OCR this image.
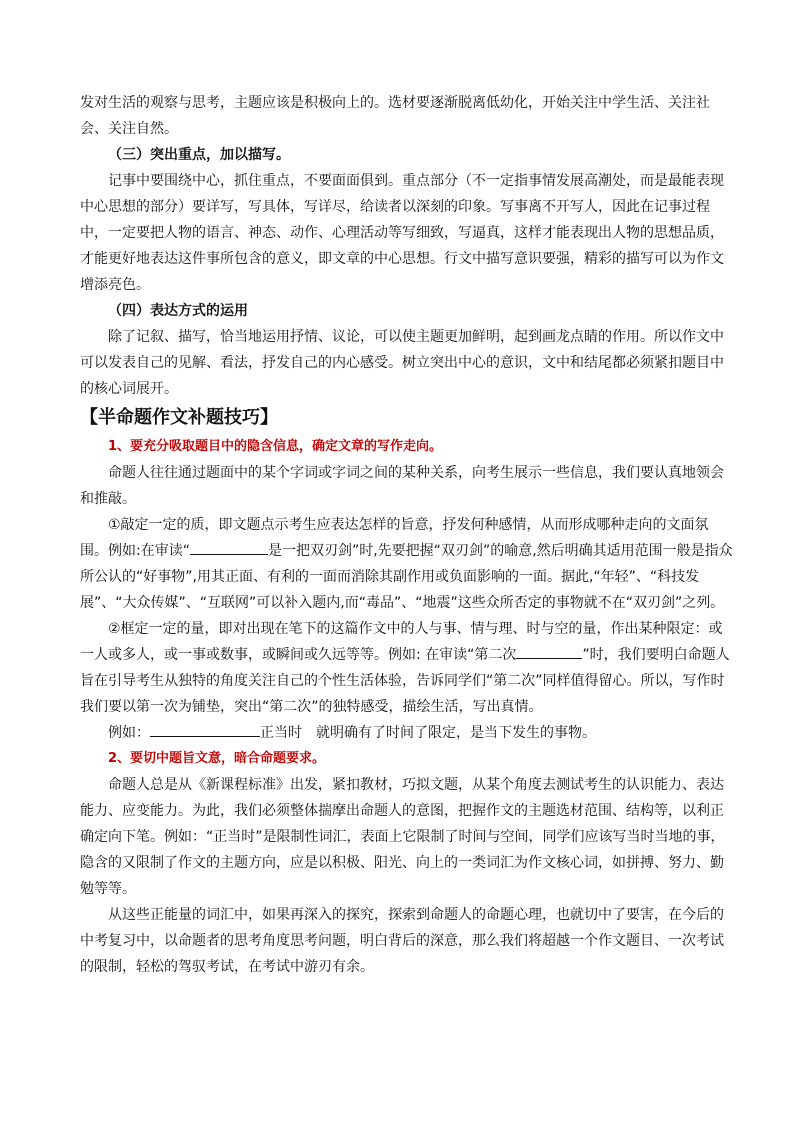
发对生活的观察与思考，主题应该是积极向上的。选材要逐渐脱离低幼化，开始关注中学生活、关注社会、关注自然。

（三）突出重点，加以描写。

记事中要围绕中心，抓住重点，不要面面俱到。重点部分（不一定指事情发展高潮处，而是最能表现中心思想的部分）要详写，写具体，写详尽，给读者以深刻的印象。写事离不开写人，因此在记事过程中，一定要把人物的语言、神态、动作、心理活动等写细致，写逼真，这样才能表现出人物的思想品质，才能更好地表达这件事所包含的意义，即文章的中心思想。行文中描写意识要强，精彩的描写可以为作文增添亮色。

（四）表达方式的运用

除了记叙、描写，恰当地运用抒情、议论，可以使主题更加鲜明，起到画龙点睛的作用。所以作文中可以发表自己的见解、看法，抒发自己的内心感受。树立突出中心的意识，文中和结尾都必须紧扣题目中的核心词展开。

【半命题作文补题技巧】

1、要充分吸取题目中的隐含信息，确定文章的写作走向。

命题人往往通过题面中的某个字词或字词之间的某种关系，向考生展示一些信息，我们要认真地领会和推敲。

①敲定一定的质，即文题点示考生应表达怎样的旨意，抒发何种感情，从而形成哪种走向的文面氛围。例如:在审读“	是一把双刃剑”时,先要把握“双刃剑”的喻意,然后明确其适用范围一般是指众所公认的“好事物”,用其正面、有利的一面而消除其副作用或负面影响的一面。据此,“年轻”、“科技发展”、“大众传媒”、“互联网”可以补入题内,而“毒品”、“地震”这些众所否定的事物就不在“双刃剑”之列。

②框定一定的量，即对出现在笔下的这篇作文中的人与事、情与理、时与空的量，作出某种限定：或一人或多人，或一事或数事，或瞬间或久远等等。例如: 在审读“第二次	”时，我们要明白命题人旨在引导考生从独特的角度关注自己的个性生活体验，告诉同学们“第二次”同样值得留心。所以，写作时我们要以第一次为铺垫，突出“第二次”的独特感受，描绘生活，写出真情。

例如：	正当时 就明确有了时间了限定，是当下发生的事物。

2、要切中题旨文意，暗合命题要求。

命题人总是从《新课程标准》出发，紧扣教材，巧拟文题，从某个角度去测试考生的认识能力、表达能力、应变能力。为此，我们必须整体揣摩出命题人的意图，把握作文的主题选材范围、结构等，以利正确定向下笔。例如：“正当时”是限制性词汇，表面上它限制了时间与空间，同学们应该写当时当地的事，隐含的又限制了作文的主题方向，应是以积极、阳光、向上的一类词汇为作文核心词，如拼搏、努力、勤勉等等。

从这些正能量的词汇中，如果再深入的探究，探索到命题人的命题心理，也就切中了要害，在今后的中考复习中，以命题者的思考角度思考问题，明白背后的深意，那么我们将超越一个作文题目、一次考试的限制，轻松的驾驭考试，在考试中游刃有余。
